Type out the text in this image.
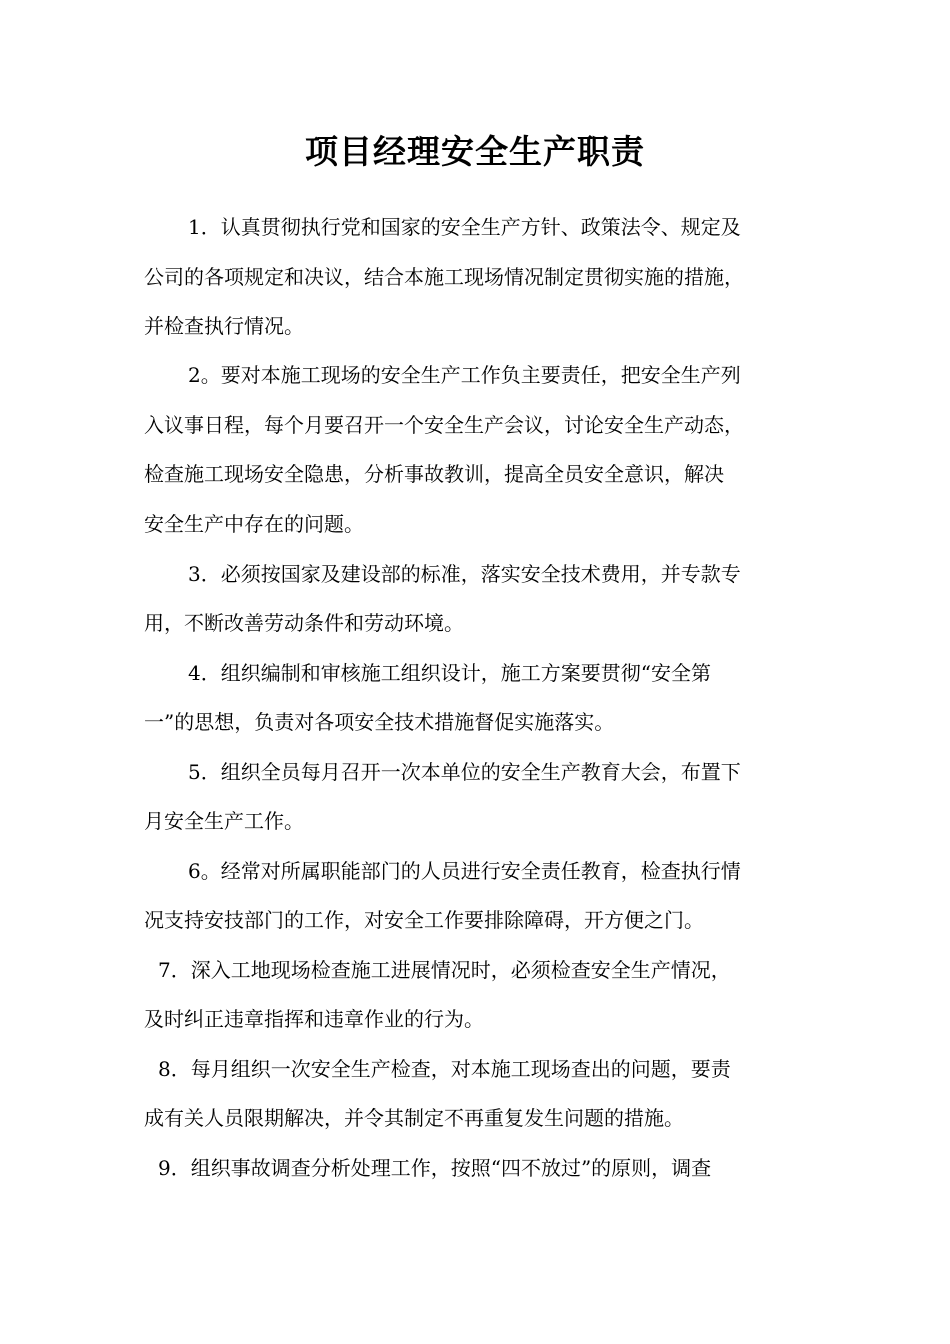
项目经理安全生产职责

1．认真贯彻执行党和国家的安全生产方针、政策法令、规定及

公司的各项规定和决议，结合本施工现场情况制定贯彻实施的措施，

并检查执行情况。

2。要对本施工现场的安全生产工作负主要责任，把安全生产列

入议事日程，每个月要召开一个安全生产会议，讨论安全生产动态，

检查施工现场安全隐患，分析事故教训，提高全员安全意识，解决

安全生产中存在的问题。

3．必须按国家及建设部的标准，落实安全技术费用，并专款专

用，不断改善劳动条件和劳动环境。

4．组织编制和审核施工组织设计，施工方案要贯彻“安全第

一”的思想，负责对各项安全技术措施督促实施落实。

5．组织全员每月召开一次本单位的安全生产教育大会，布置下

月安全生产工作。

6。经常对所属职能部门的人员进行安全责任教育，检查执行情

况支持安技部门的工作，对安全工作要排除障碍，开方便之门。

7．深入工地现场检查施工进展情况时，必须检查安全生产情况，

及时纠正违章指挥和违章作业的行为。

8．每月组织一次安全生产检查，对本施工现场查出的问题，要责

成有关人员限期解决，并令其制定不再重复发生问题的措施。

9．组织事故调查分析处理工作，按照“四不放过”的原则，调查
